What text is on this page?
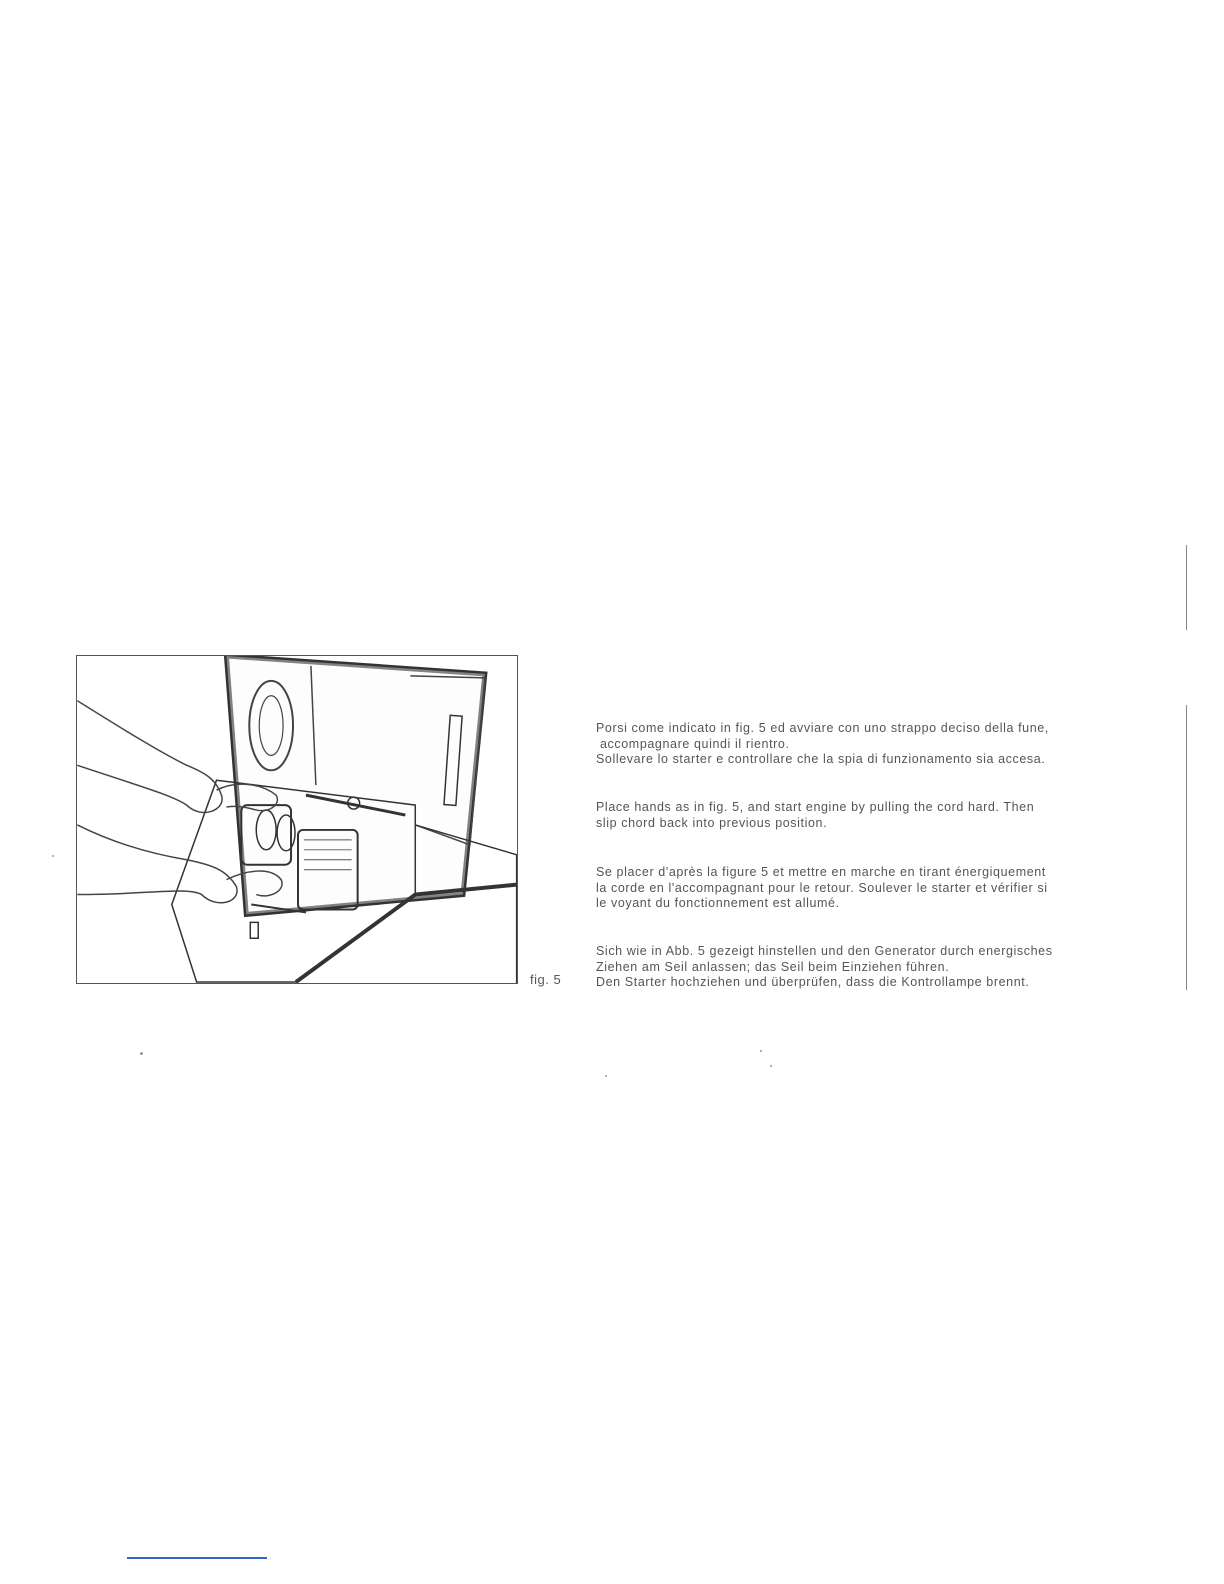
fig. 5
Porsi come indicato in fig. 5 ed avviare con uno strappo deciso della fune,
accompagnare quindi il rientro.
Sollevare lo starter e controllare che la spia di funzionamento sia accesa.
Place hands as in fig. 5, and start engine by pulling the cord hard. Then
slip chord back into previous position.
Se placer d'après la figure 5 et mettre en marche en tirant énergiquement
la corde en l'accompagnant pour le retour. Soulever le starter et vérifier si
le voyant du fonctionnement est allumé.
Sich wie in Abb. 5 gezeigt hinstellen und den Generator durch energisches
Ziehen am Seil anlassen; das Seil beim Einziehen führen.
Den Starter hochziehen und überprüfen, dass die Kontrollampe brennt.
